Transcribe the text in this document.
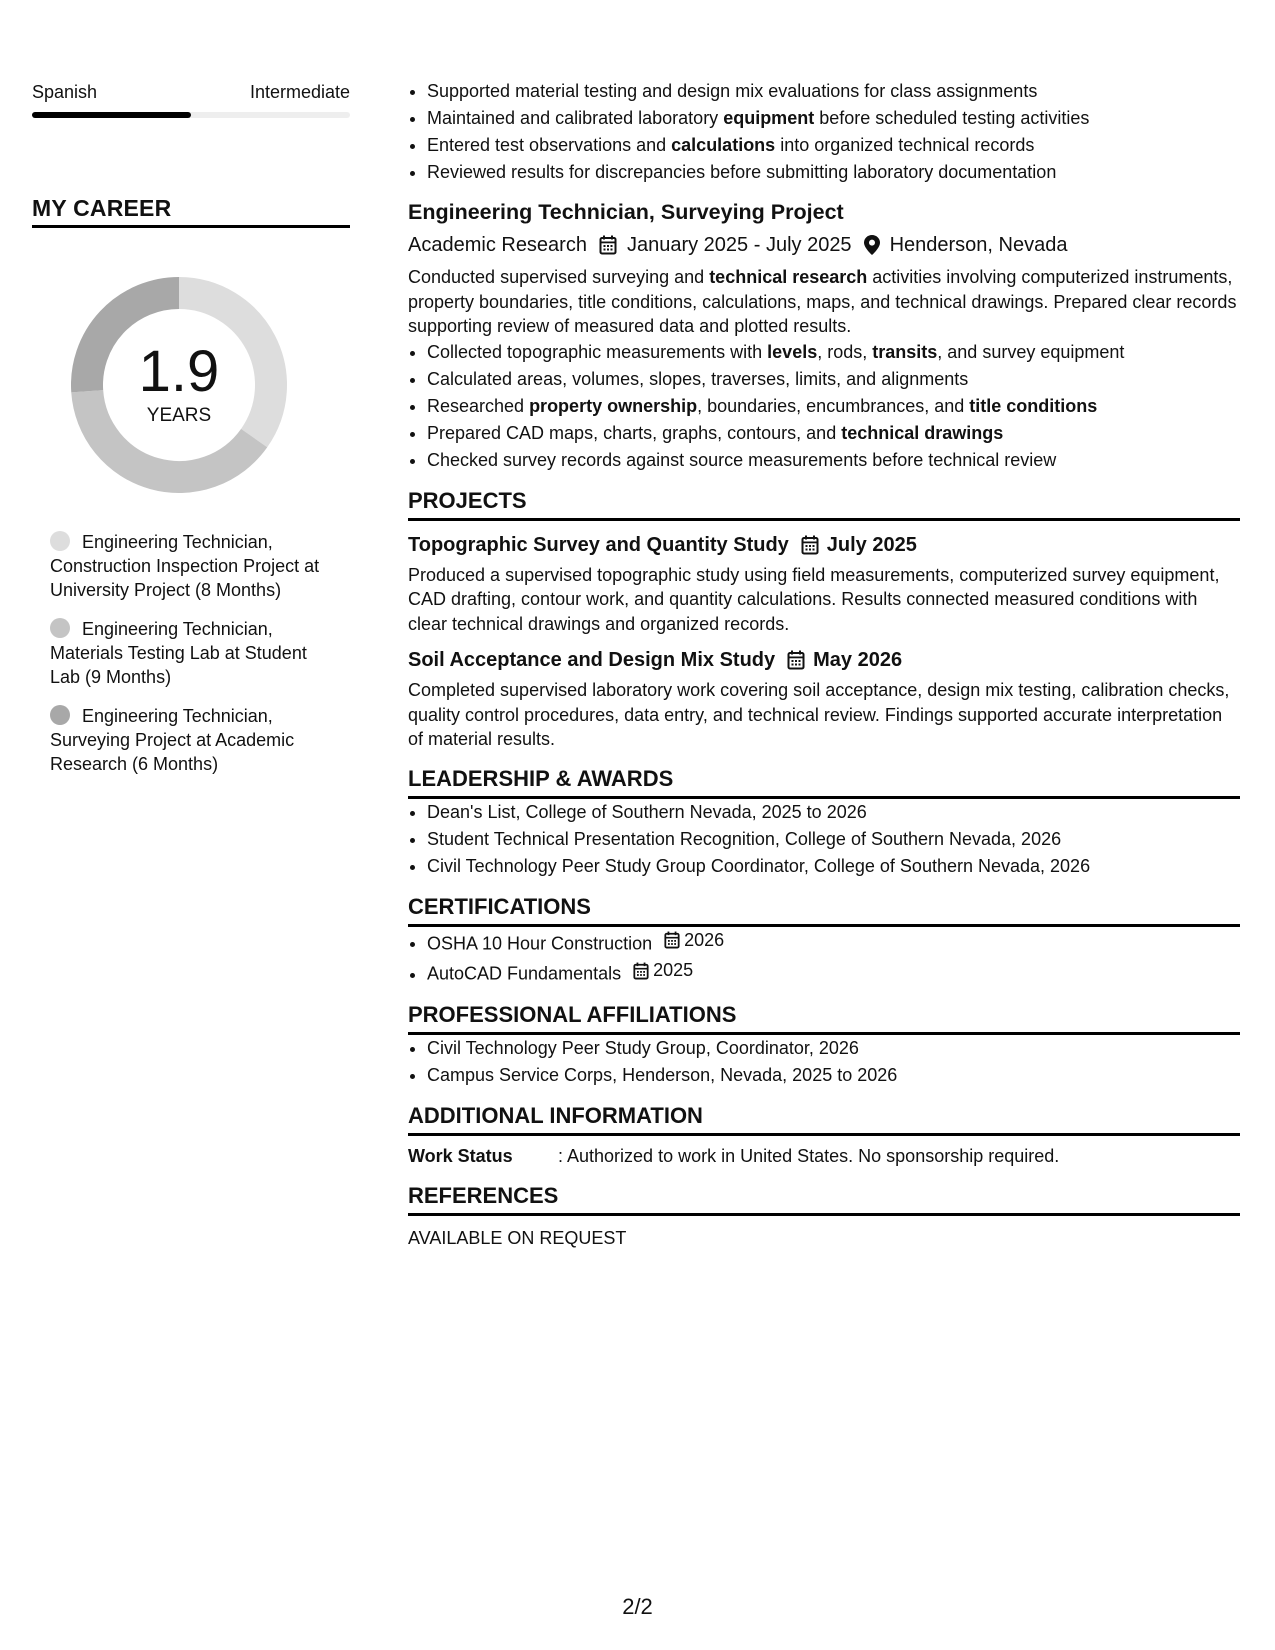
Spanish	Intermediate
MY CAREER
1.9
YEARS
Engineering Technician, Construction Inspection Project at University Project (8 Months)
Engineering Technician, Materials Testing Lab at Student Lab (9 Months)
Engineering Technician, Surveying Project at Academic Research (6 Months)
• Supported material testing and design mix evaluations for class assignments
• Maintained and calibrated laboratory equipment before scheduled testing activities
• Entered test observations and calculations into organized technical records
• Reviewed results for discrepancies before submitting laboratory documentation
Engineering Technician, Surveying Project
Academic Research January 2025 - July 2025 Henderson, Nevada
Conducted supervised surveying and technical research activities involving computerized instruments, property boundaries, title conditions, calculations, maps, and technical drawings. Prepared clear records supporting review of measured data and plotted results.
• Collected topographic measurements with levels, rods, transits, and survey equipment
• Calculated areas, volumes, slopes, traverses, limits, and alignments
• Researched property ownership, boundaries, encumbrances, and title conditions
• Prepared CAD maps, charts, graphs, contours, and technical drawings
• Checked survey records against source measurements before technical review
PROJECTS
Topographic Survey and Quantity Study July 2025
Produced a supervised topographic study using field measurements, computerized survey equipment, CAD drafting, contour work, and quantity calculations. Results connected measured conditions with clear technical drawings and organized records.
Soil Acceptance and Design Mix Study May 2026
Completed supervised laboratory work covering soil acceptance, design mix testing, calibration checks, quality control procedures, data entry, and technical review. Findings supported accurate interpretation of material results.
LEADERSHIP & AWARDS
• Dean's List, College of Southern Nevada, 2025 to 2026
• Student Technical Presentation Recognition, College of Southern Nevada, 2026
• Civil Technology Peer Study Group Coordinator, College of Southern Nevada, 2026
CERTIFICATIONS
• OSHA 10 Hour Construction 2026
• AutoCAD Fundamentals 2025
PROFESSIONAL AFFILIATIONS
• Civil Technology Peer Study Group, Coordinator, 2026
• Campus Service Corps, Henderson, Nevada, 2025 to 2026
ADDITIONAL INFORMATION
Work Status	: Authorized to work in United States. No sponsorship required.
REFERENCES
AVAILABLE ON REQUEST
2/2
